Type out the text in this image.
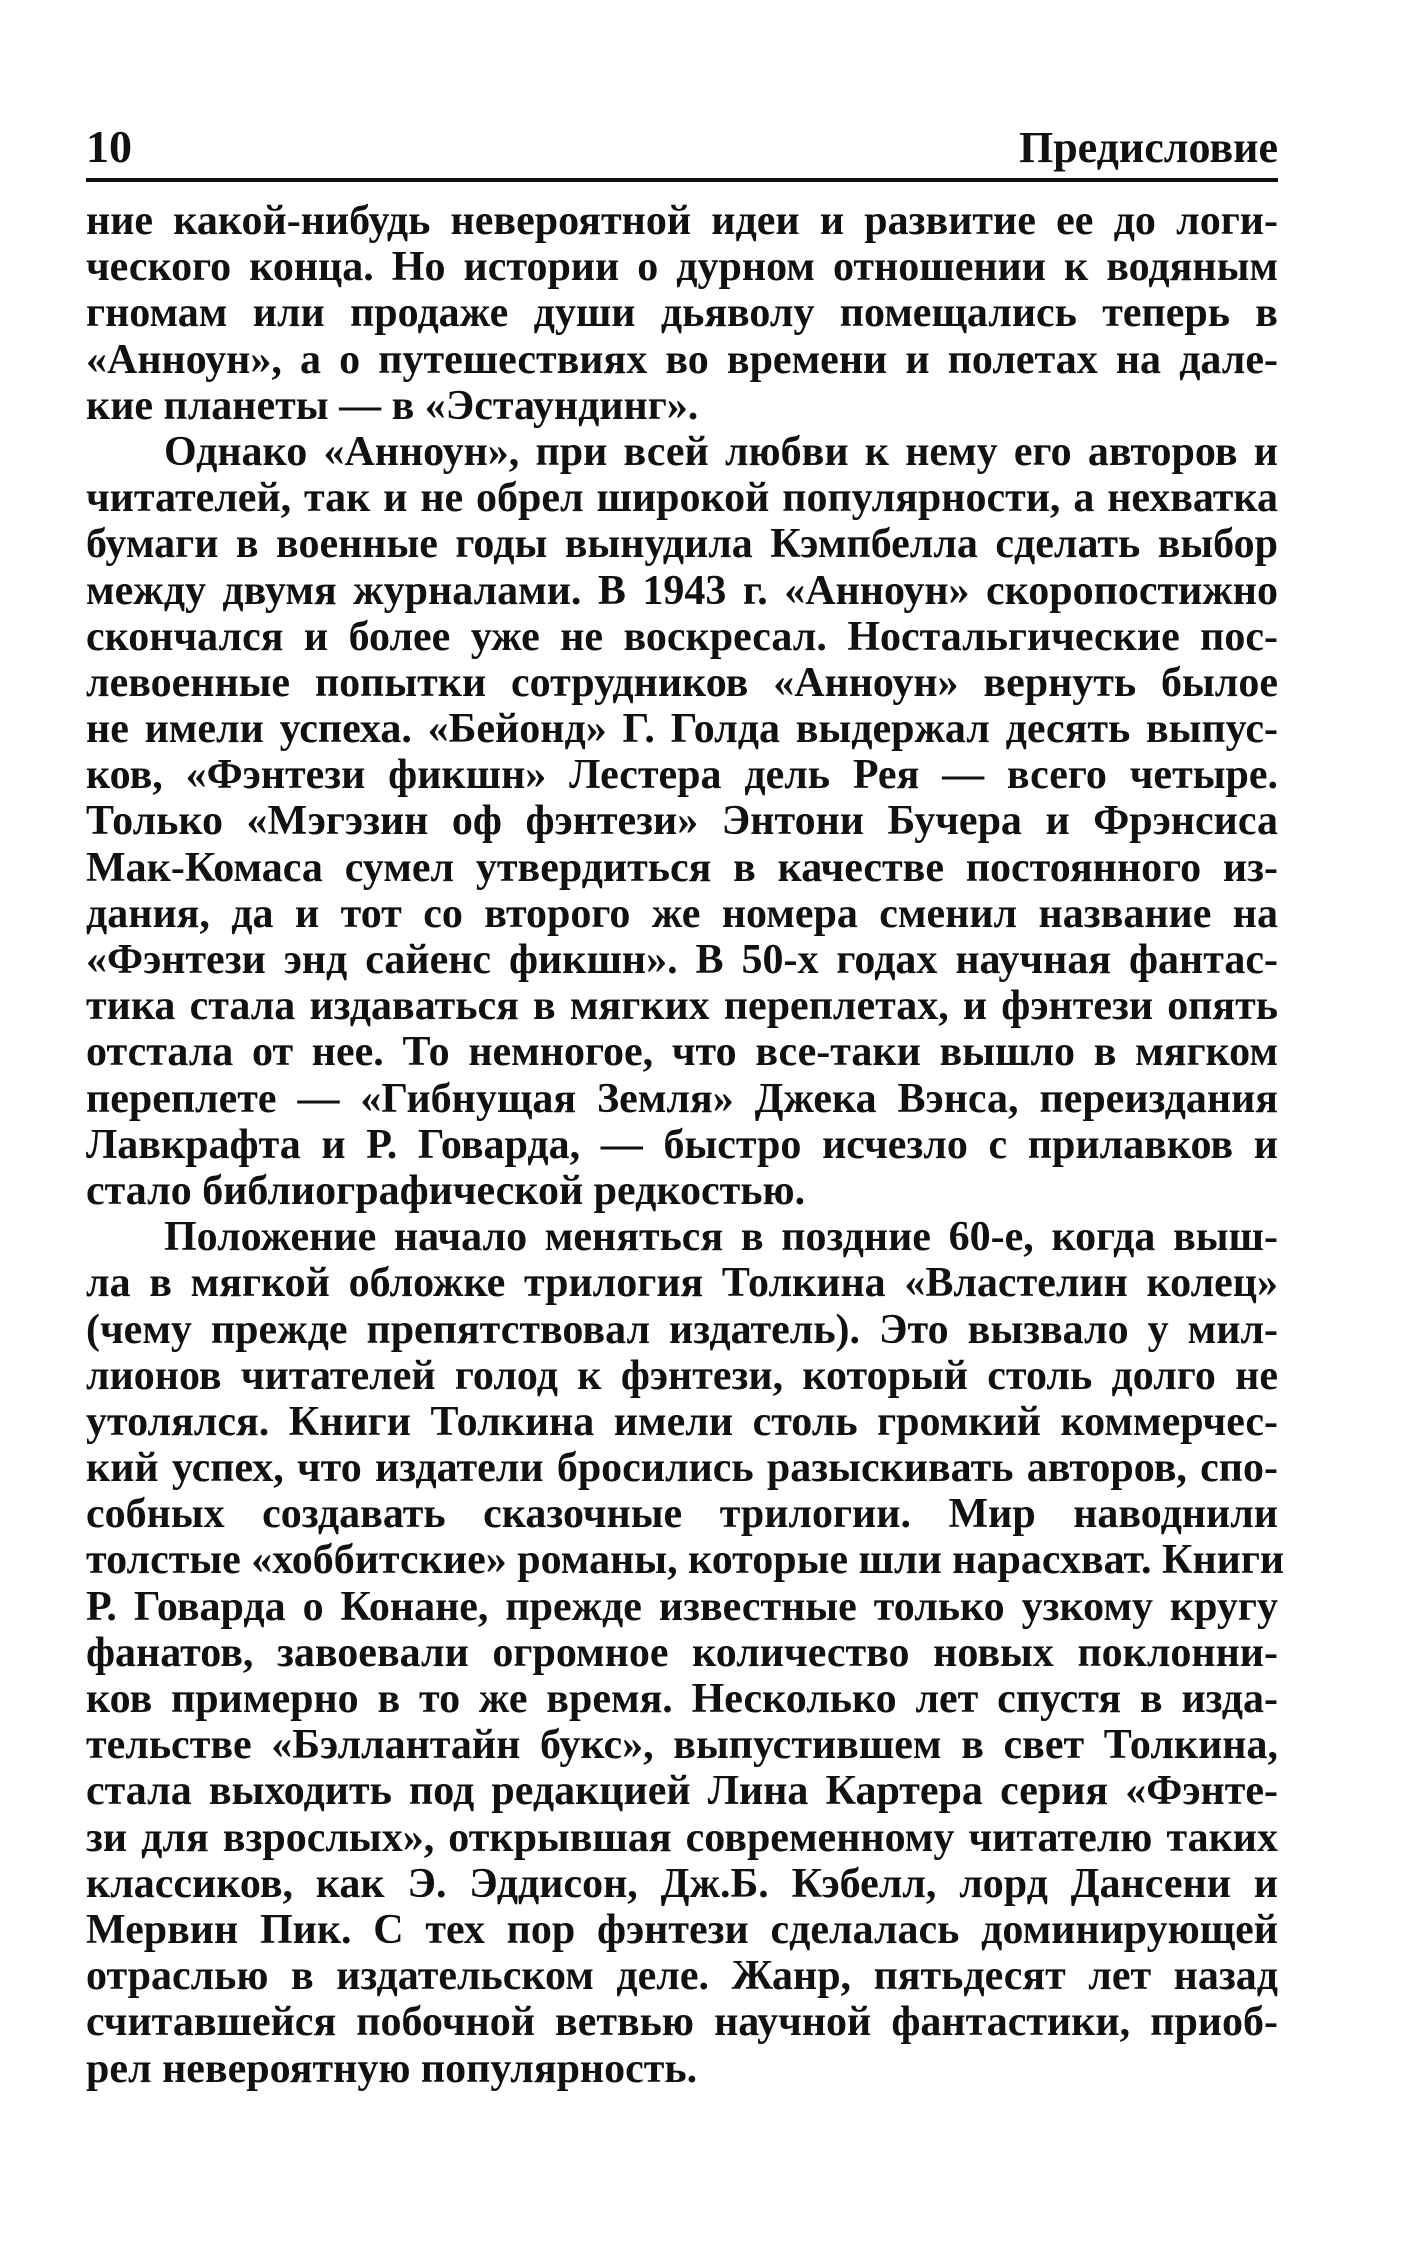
10	Предисловие
ние какой-нибудь невероятной идеи и развитие ее до логи-
ческого конца. Но истории о дурном отношении к водяным
гномам или продаже души дьяволу помещались теперь в
«Анноун», а о путешествиях во времени и полетах на дале-
кие планеты — в «Эстаундинг».
Однако «Анноун», при всей любви к нему его авторов и
читателей, так и не обрел широкой популярности, а нехватка
бумаги в военные годы вынудила Кэмпбелла сделать выбор
между двумя журналами. В 1943 г. «Анноун» скоропостижно
скончался и более уже не воскресал. Ностальгические пос-
левоенные попытки сотрудников «Анноун» вернуть былое
не имели успеха. «Бейонд» Г. Голда выдержал десять выпус-
ков, «Фэнтези фикшн» Лестера дель Рея — всего четыре.
Только «Мэгэзин оф фэнтези» Энтони Бучера и Фрэнсиса
Мак-Комаса сумел утвердиться в качестве постоянного из-
дания, да и тот со второго же номера сменил название на
«Фэнтези энд сайенс фикшн». В 50-х годах научная фантас-
тика стала издаваться в мягких переплетах, и фэнтези опять
отстала от нее. То немногое, что все-таки вышло в мягком
переплете — «Гибнущая Земля» Джека Вэнса, переиздания
Лавкрафта и Р. Говарда, — быстро исчезло с прилавков и
стало библиографической редкостью.
Положение начало меняться в поздние 60-е, когда выш-
ла в мягкой обложке трилогия Толкина «Властелин колец»
(чему прежде препятствовал издатель). Это вызвало у мил-
лионов читателей голод к фэнтези, который столь долго не
утолялся. Книги Толкина имели столь громкий коммерчес-
кий успех, что издатели бросились разыскивать авторов, спо-
собных создавать сказочные трилогии. Мир наводнили
толстые «хоббитские» романы, которые шли нарасхват. Книги
Р. Говарда о Конане, прежде известные только узкому кругу
фанатов, завоевали огромное количество новых поклонни-
ков примерно в то же время. Несколько лет спустя в изда-
тельстве «Бэллантайн букс», выпустившем в свет Толкина,
стала выходить под редакцией Лина Картера серия «Фэнте-
зи для взрослых», открывшая современному читателю таких
классиков, как Э. Эддисон, Дж.Б. Кэбелл, лорд Дансени и
Мервин Пик. С тех пор фэнтези сделалась доминирующей
отраслью в издательском деле. Жанр, пятьдесят лет назад
считавшейся побочной ветвью научной фантастики, приоб-
рел невероятную популярность.
